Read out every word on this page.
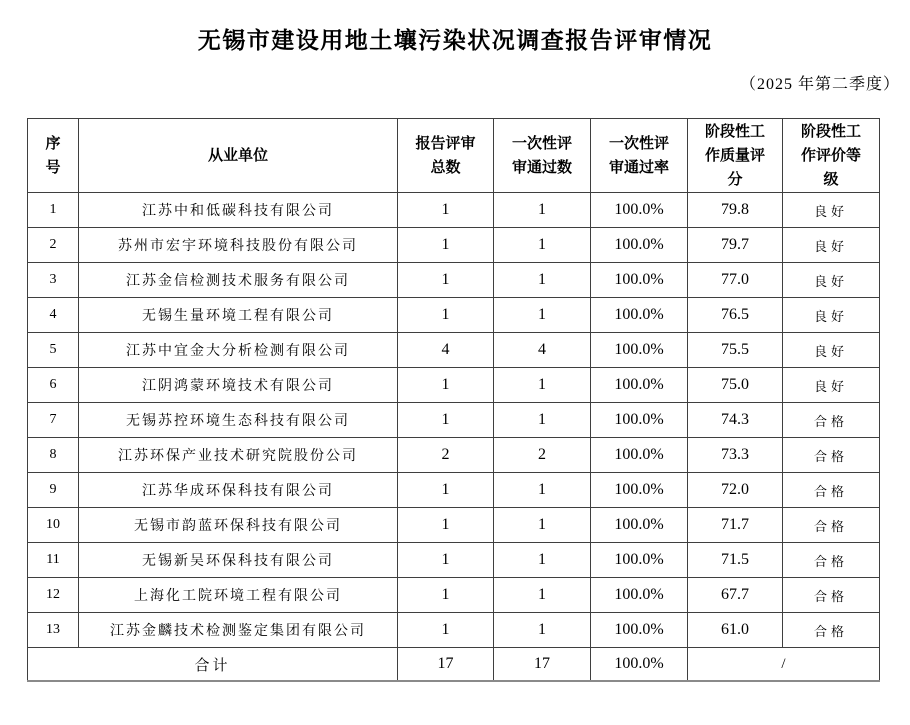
无锡市建设用地土壤污染状况调查报告评审情况
（2025 年第二季度）
序号	从业单位	报告评审总数	一次性评审通过数	一次性评审通过率	阶段性工作质量评分	阶段性工作评价等级
1	江苏中和低碳科技有限公司	1	1	100.0%	79.8	良好
2	苏州市宏宇环境科技股份有限公司	1	1	100.0%	79.7	良好
3	江苏金信检测技术服务有限公司	1	1	100.0%	77.0	良好
4	无锡生量环境工程有限公司	1	1	100.0%	76.5	良好
5	江苏中宜金大分析检测有限公司	4	4	100.0%	75.5	良好
6	江阴鸿蒙环境技术有限公司	1	1	100.0%	75.0	良好
7	无锡苏控环境生态科技有限公司	1	1	100.0%	74.3	合格
8	江苏环保产业技术研究院股份公司	2	2	100.0%	73.3	合格
9	江苏华成环保科技有限公司	1	1	100.0%	72.0	合格
10	无锡市韵蓝环保科技有限公司	1	1	100.0%	71.7	合格
11	无锡新吴环保科技有限公司	1	1	100.0%	71.5	合格
12	上海化工院环境工程有限公司	1	1	100.0%	67.7	合格
13	江苏金麟技术检测鉴定集团有限公司	1	1	100.0%	61.0	合格
合计		17	17	100.0%	/	
